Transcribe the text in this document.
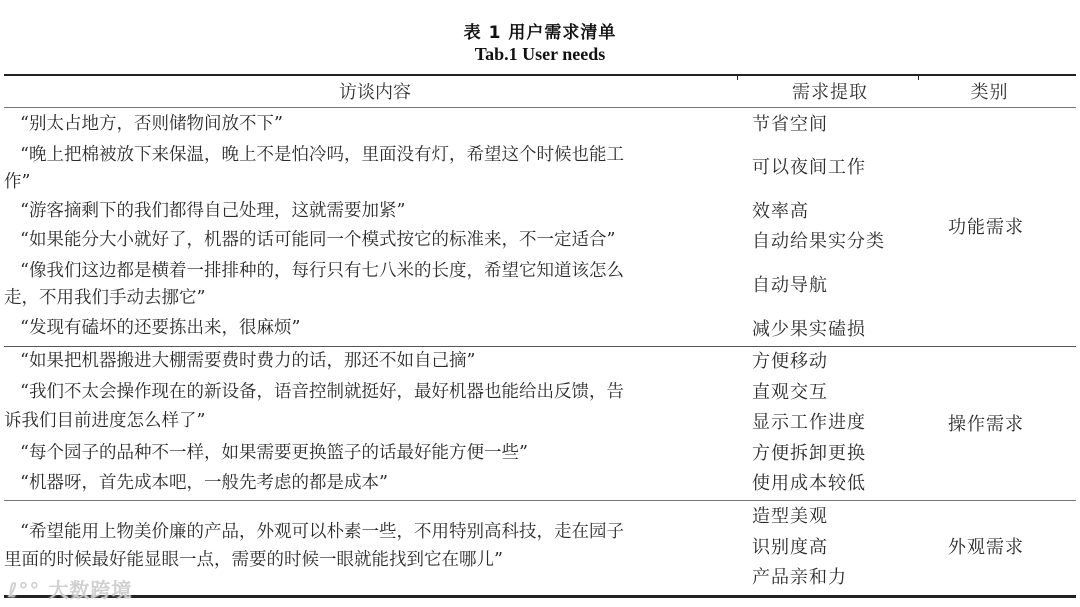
表 1 用户需求清单
Tab.1 User needs
访谈内容	需求提取	类别
“别太占地方，否则储物间放不下”
“晚上把棉被放下来保温，晚上不是怕冷吗，里面没有灯，希望这个时候也能工
作”
“游客摘剩下的我们都得自己处理，这就需要加紧”
“如果能分大小就好了，机器的话可能同一个模式按它的标准来，不一定适合”
“像我们这边都是横着一排排种的，每行只有七八米的长度，希望它知道该怎么
走，不用我们手动去挪它”
“发现有磕坏的还要拣出来，很麻烦”
节省空间
可以夜间工作
效率高
自动给果实分类
自动导航
减少果实磕损
功能需求
“如果把机器搬进大棚需要费时费力的话，那还不如自己摘”
“我们不太会操作现在的新设备，语音控制就挺好，最好机器也能给出反馈，告
诉我们目前进度怎么样了”
“每个园子的品种不一样，如果需要更换篮子的话最好能方便一些”
“机器呀，首先成本吧，一般先考虑的都是成本”
方便移动
直观交互
显示工作进度
方便拆卸更换
使用成本较低
操作需求
“希望能用上物美价廉的产品，外观可以朴素一些，不用特别高科技，走在园子
里面的时候最好能显眼一点，需要的时候一眼就能找到它在哪儿”
造型美观
识别度高
产品亲和力
外观需求
ℓ°° 大数跨境
